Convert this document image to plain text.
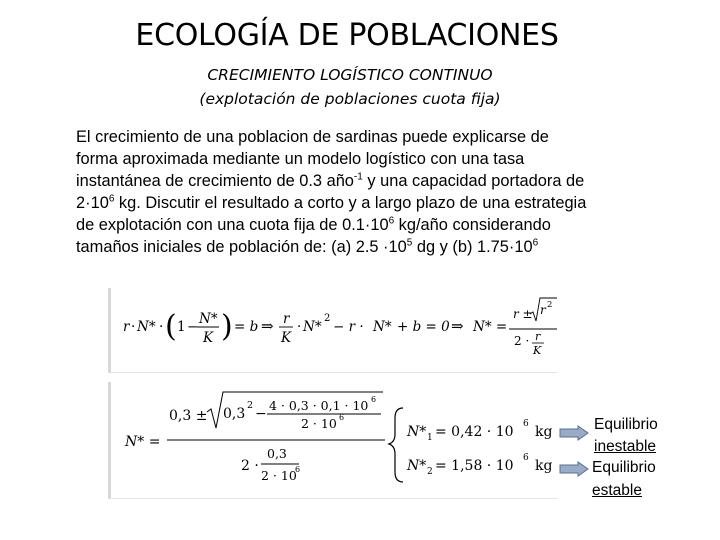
ECOLOGÍA DE POBLACIONES
CRECIMIENTO LOGÍSTICO CONTINUO
(explotación de poblaciones cuota fija)
El crecimiento de una poblacion de sardinas puede explicarse de
forma aproximada mediante un modelo logístico con una tasa
instantánea de crecimiento de 0.3 año$^{-1}$ y una capacidad portadora de
$2\cdot 10^6$ kg. Discutir el resultado a corto y a largo plazo de una estrategia
de explotación con una cuota fija de $0.1\cdot 10^6$ kg/año considerando
tamaños iniciales de población de: (a) $2.5 \cdot 10^5$ dg y (b) $1.75\cdot 10^6$
r · N* · ( 1 − N*
K ) = b ⇒ r
K
· N*
2
− r · N* + b = 0 ⇒ N* =
r ± r 2
2 · r
K
N* =
0,3 ± 0,3
2
−
4 · 0,3 · 0,1 · 10 6
2 · 10 6
2 ·
0,3
2 · 10
6
N* 1 = 0,42 · 10 6 kg
N* 2 = 1,58 · 10 6 kg
Equilibrio
inestable
Equilibrio
estable
